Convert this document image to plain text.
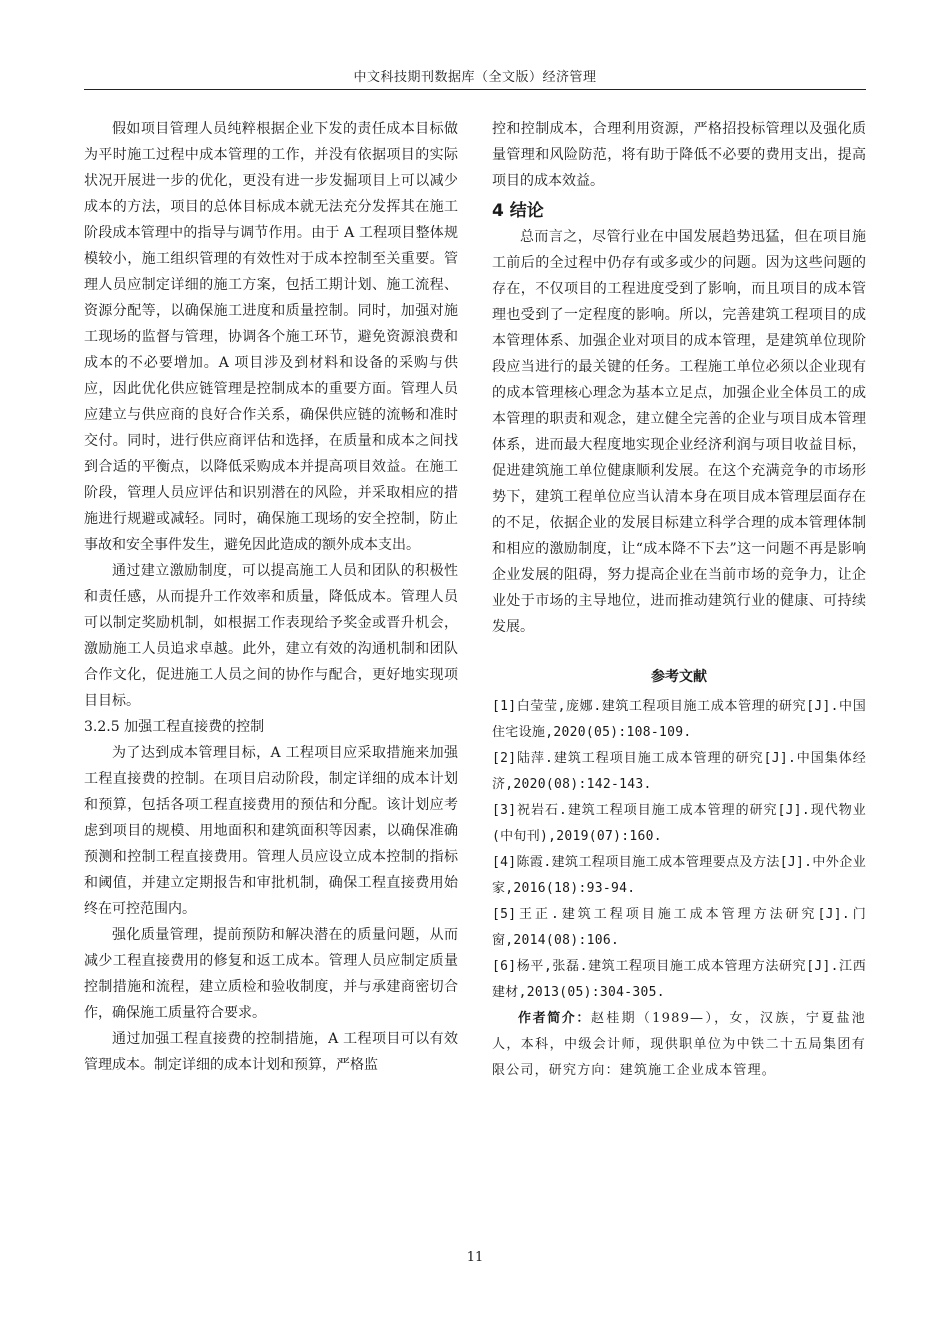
中文科技期刊数据库（全文版）经济管理

假如项目管理人员纯粹根据企业下发的责任成本目标做为平时施工过程中成本管理的工作，并没有依据项目的实际状况开展进一步的优化，更没有进一步发掘项目上可以减少成本的方法，项目的总体目标成本就无法充分发挥其在施工阶段成本管理中的指导与调节作用。由于 A 工程项目整体规模较小，施工组织管理的有效性对于成本控制至关重要。管理人员应制定详细的施工方案，包括工期计划、施工流程、资源分配等，以确保施工进度和质量控制。同时，加强对施工现场的监督与管理，协调各个施工环节，避免资源浪费和成本的不必要增加。A 项目涉及到材料和设备的采购与供应，因此优化供应链管理是控制成本的重要方面。管理人员应建立与供应商的良好合作关系，确保供应链的流畅和准时交付。同时，进行供应商评估和选择，在质量和成本之间找到合适的平衡点，以降低采购成本并提高项目效益。在施工阶段，管理人员应评估和识别潜在的风险，并采取相应的措施进行规避或减轻。同时，确保施工现场的安全控制，防止事故和安全事件发生，避免因此造成的额外成本支出。

通过建立激励制度，可以提高施工人员和团队的积极性和责任感，从而提升工作效率和质量，降低成本。管理人员可以制定奖励机制，如根据工作表现给予奖金或晋升机会，激励施工人员追求卓越。此外，建立有效的沟通机制和团队合作文化，促进施工人员之间的协作与配合，更好地实现项目目标。

3.2.5 加强工程直接费的控制

为了达到成本管理目标，A 工程项目应采取措施来加强工程直接费的控制。在项目启动阶段，制定详细的成本计划和预算，包括各项工程直接费用的预估和分配。该计划应考虑到项目的规模、用地面积和建筑面积等因素，以确保准确预测和控制工程直接费用。管理人员应设立成本控制的指标和阈值，并建立定期报告和审批机制，确保工程直接费用始终在可控范围内。

强化质量管理，提前预防和解决潜在的质量问题，从而减少工程直接费用的修复和返工成本。管理人员应制定质量控制措施和流程，建立质检和验收制度，并与承建商密切合作，确保施工质量符合要求。

通过加强工程直接费的控制措施，A 工程项目可以有效管理成本。制定详细的成本计划和预算，严格监

控和控制成本，合理利用资源，严格招投标管理以及强化质量管理和风险防范，将有助于降低不必要的费用支出，提高项目的成本效益。

4 结论

总而言之，尽管行业在中国发展趋势迅猛，但在项目施工前后的全过程中仍存有或多或少的问题。因为这些问题的存在，不仅项目的工程进度受到了影响，而且项目的成本管理也受到了一定程度的影响。所以，完善建筑工程项目的成本管理体系、加强企业对项目的成本管理，是建筑单位现阶段应当进行的最关键的任务。工程施工单位必须以企业现有的成本管理核心理念为基本立足点，加强企业全体员工的成本管理的职责和观念，建立健全完善的企业与项目成本管理体系，进而最大程度地实现企业经济利润与项目收益目标，促进建筑施工单位健康顺利发展。在这个充满竞争的市场形势下，建筑工程单位应当认清本身在项目成本管理层面存在的不足，依据企业的发展目标建立科学合理的成本管理体制和相应的激励制度，让“成本降不下去”这一问题不再是影响企业发展的阻碍，努力提高企业在当前市场的竞争力，让企业处于市场的主导地位，进而推动建筑行业的健康、可持续发展。

参考文献
[1]白莹莹,庞娜.建筑工程项目施工成本管理的研究[J].中国住宅设施,2020(05):108-109.
[2]陆萍.建筑工程项目施工成本管理的研究[J].中国集体经济,2020(08):142-143.
[3]祝岩石.建筑工程项目施工成本管理的研究[J].现代物业(中旬刊),2019(07):160.
[4]陈霞.建筑工程项目施工成本管理要点及方法[J].中外企业家,2016(18):93-94.
[5]王正.建筑工程项目施工成本管理方法研究[J].门窗,2014(08):106.
[6]杨平,张磊.建筑工程项目施工成本管理方法研究[J].江西建材,2013(05):304-305.

作者简介：赵桂期（1989—），女，汉族，宁夏盐池人，本科，中级会计师，现供职单位为中铁二十五局集团有限公司，研究方向：建筑施工企业成本管理。

11
